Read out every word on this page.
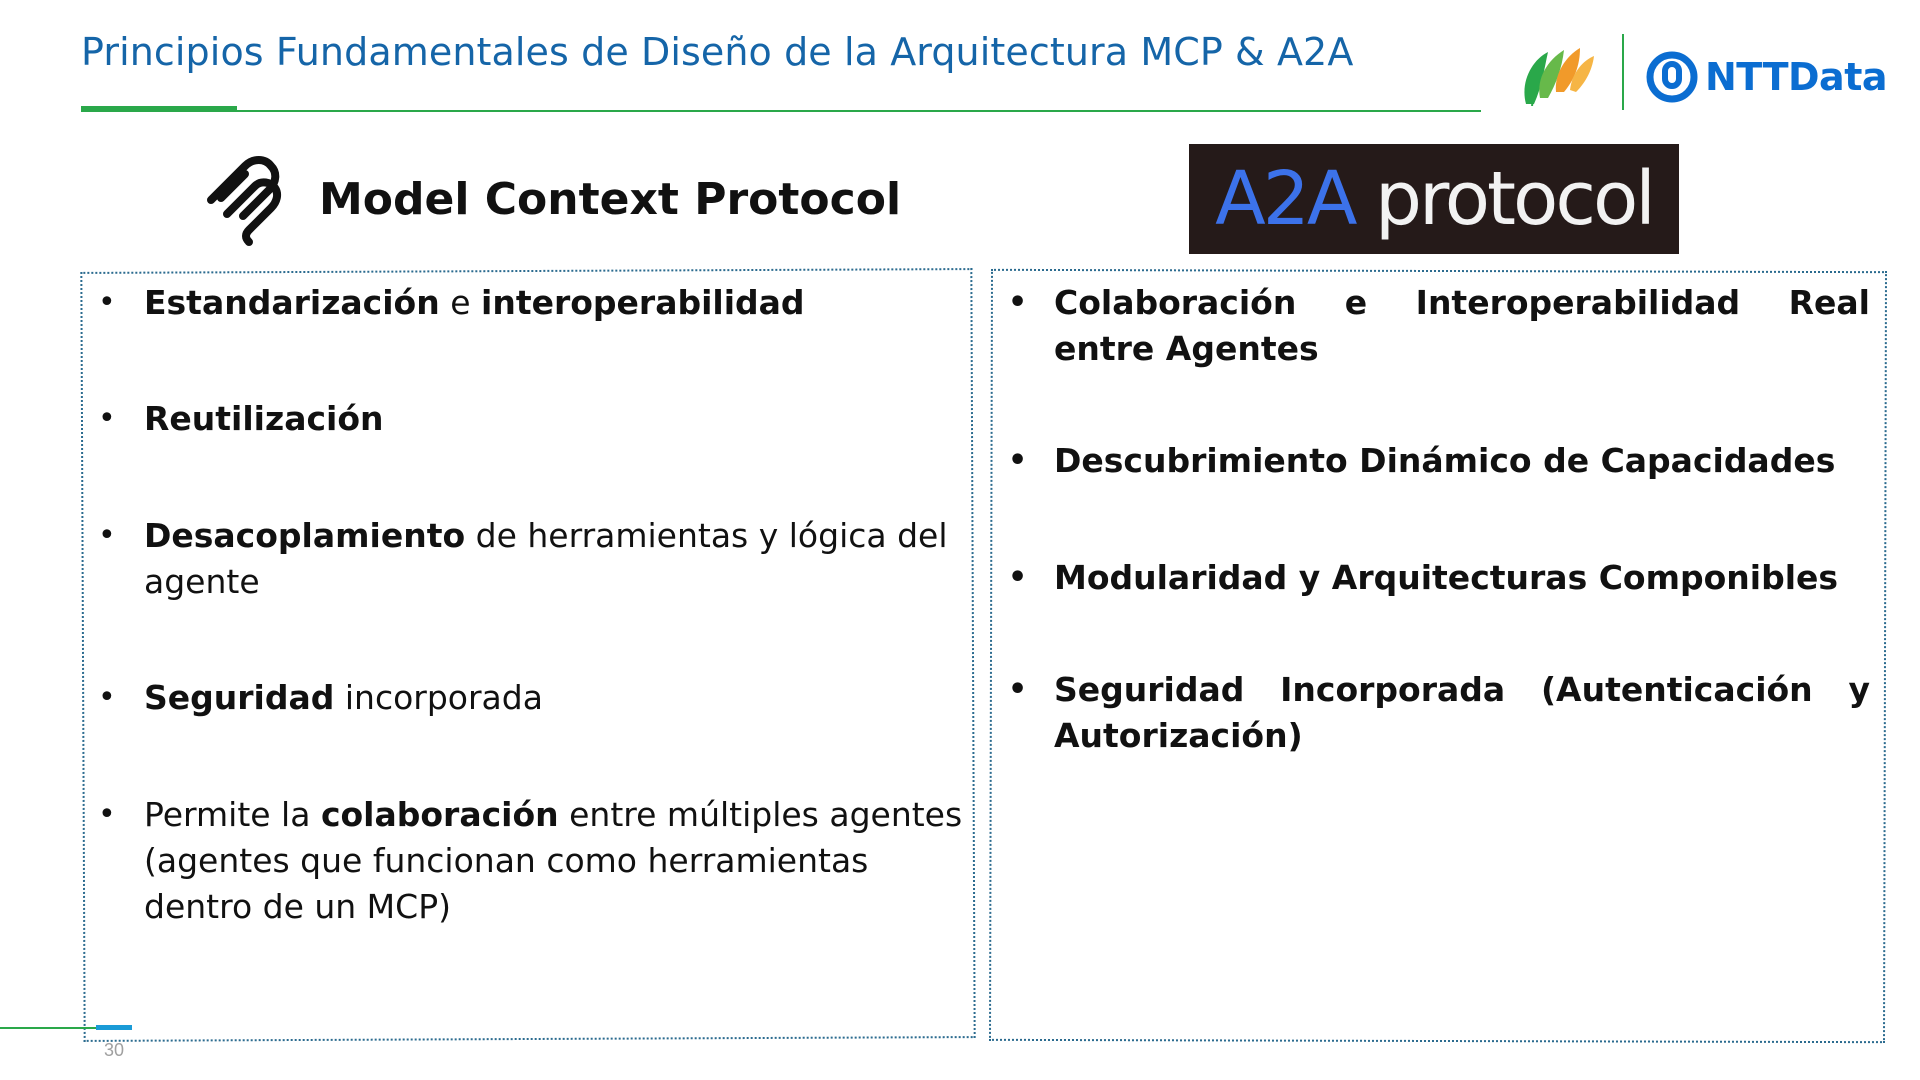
Principios Fundamentales de Diseño de la Arquitectura MCP & A2A
NTTData
Model Context Protocol	A2A protocol
• Estandarización e interoperabilidad
• Reutilización
• Desacoplamiento de herramientas y lógica del agente
• Seguridad incorporada
• Permite la colaboración entre múltiples agentes (agentes que funcionan como herramientas dentro de un MCP)
• Colaboración e Interoperabilidad Real entre Agentes
• Descubrimiento Dinámico de Capacidades
• Modularidad y Arquitecturas Componibles
• Seguridad Incorporada (Autenticación y Autorización)
30
